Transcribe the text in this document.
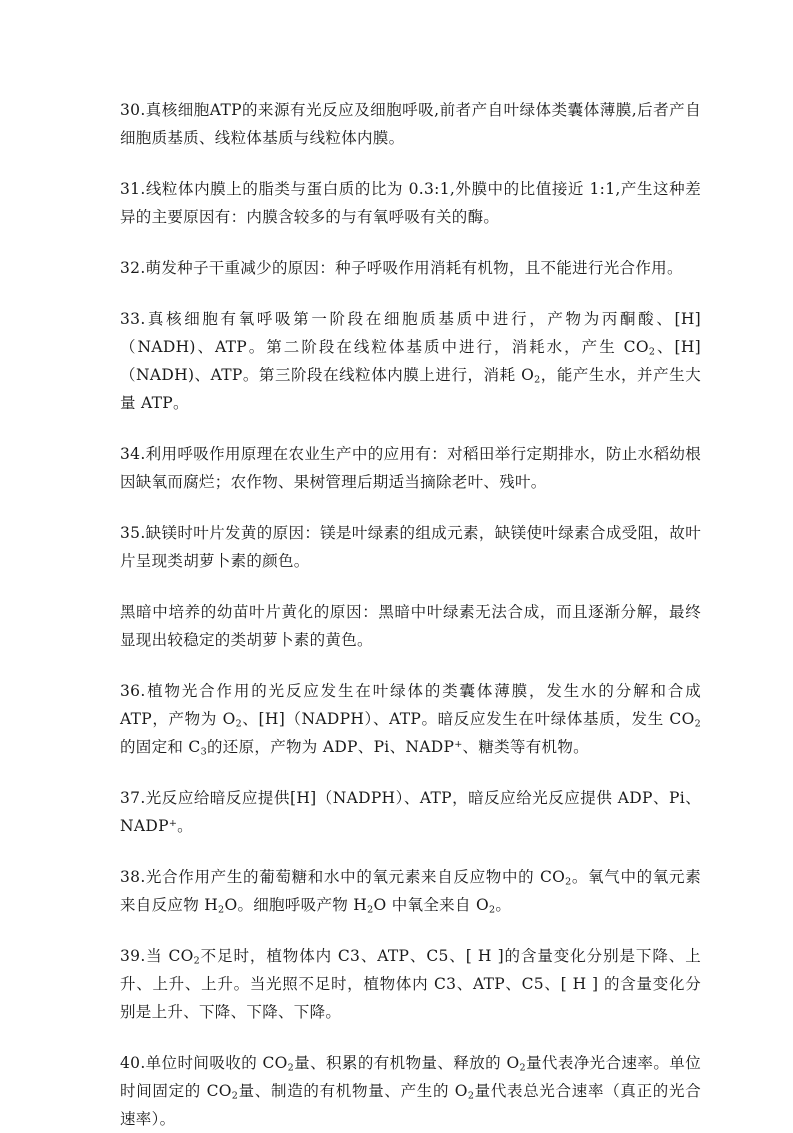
30.真核细胞ATP的来源有光反应及细胞呼吸,前者产自叶绿体类囊体薄膜,后者产自细胞质基质、线粒体基质与线粒体内膜。

31.线粒体内膜上的脂类与蛋白质的比为 0.3:1,外膜中的比值接近 1:1,产生这种差异的主要原因有：内膜含较多的与有氧呼吸有关的酶。

32.萌发种子干重减少的原因：种子呼吸作用消耗有机物，且不能进行光合作用。

33.真核细胞有氧呼吸第一阶段在细胞质基质中进行，产物为丙酮酸、[H]（NADH)、ATP。第二阶段在线粒体基质中进行，消耗水，产生 $CO_2$、[H]（NADH)、ATP。第三阶段在线粒体内膜上进行，消耗 $O_2$，能产生水，并产生大量 ATP。

34.利用呼吸作用原理在农业生产中的应用有：对稻田举行定期排水，防止水稻幼根因缺氧而腐烂；农作物、果树管理后期适当摘除老叶、残叶。

35.缺镁时叶片发黄的原因：镁是叶绿素的组成元素，缺镁使叶绿素合成受阻，故叶片呈现类胡萝卜素的颜色。

黑暗中培养的幼苗叶片黄化的原因：黑暗中叶绿素无法合成，而且逐渐分解，最终显现出较稳定的类胡萝卜素的黄色。

36.植物光合作用的光反应发生在叶绿体的类囊体薄膜，发生水的分解和合成 ATP，产物为 $O_2$、[H]（NADPH）、ATP。暗反应发生在叶绿体基质，发生 $CO_2$的固定和 $C_3$的还原，产物为 ADP、Pi、NADP+、糖类等有机物。

37.光反应给暗反应提供[H]（NADPH）、ATP，暗反应给光反应提供 ADP、Pi、NADP+。

38.光合作用产生的葡萄糖和水中的氧元素来自反应物中的 $CO_2$。氧气中的氧元素来自反应物 $H_2O$。细胞呼吸产物 $H_2O$ 中氧全来自 $O_2$。

39.当 $CO_2$不足时，植物体内 C3、ATP、C5、[ H ]的含量变化分别是下降、上升、上升、上升。当光照不足时，植物体内 C3、ATP、C5、[ H ] 的含量变化分别是上升、下降、下降、下降。

40.单位时间吸收的 $CO_2$量、积累的有机物量、释放的 $O_2$量代表净光合速率。单位时间固定的 $CO_2$量、制造的有机物量、产生的 $O_2$量代表总光合速率（真正的光合速率）。
